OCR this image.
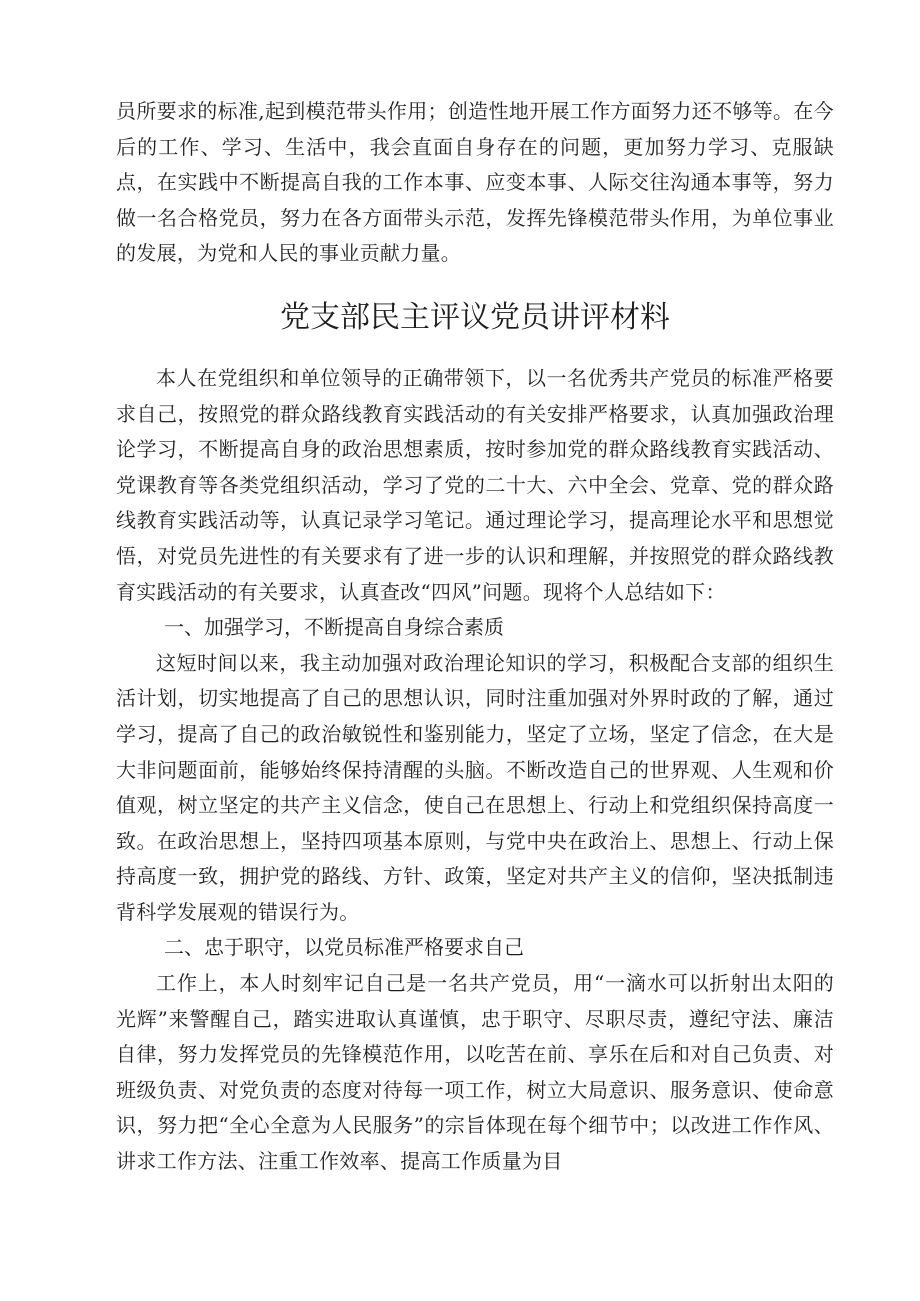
员所要求的标准,起到模范带头作用；创造性地开展工作方面努力还不够等。在今后的工作、学习、生活中，我会直面自身存在的问题，更加努力学习、克服缺点，在实践中不断提高自我的工作本事、应变本事、人际交往沟通本事等，努力做一名合格党员，努力在各方面带头示范，发挥先锋模范带头作用，为单位事业的发展，为党和人民的事业贡献力量。

党支部民主评议党员讲评材料

本人在党组织和单位领导的正确带领下，以一名优秀共产党员的标准严格要求自己，按照党的群众路线教育实践活动的有关安排严格要求，认真加强政治理论学习，不断提高自身的政治思想素质，按时参加党的群众路线教育实践活动、党课教育等各类党组织活动，学习了党的二十大、六中全会、党章、党的群众路线教育实践活动等，认真记录学习笔记。通过理论学习，提高理论水平和思想觉悟，对党员先进性的有关要求有了进一步的认识和理解，并按照党的群众路线教育实践活动的有关要求，认真查改“四风”问题。现将个人总结如下：

一、加强学习，不断提高自身综合素质

这短时间以来，我主动加强对政治理论知识的学习，积极配合支部的组织生活计划，切实地提高了自己的思想认识，同时注重加强对外界时政的了解，通过学习，提高了自己的政治敏锐性和鉴别能力，坚定了立场，坚定了信念，在大是大非问题面前，能够始终保持清醒的头脑。不断改造自己的世界观、人生观和价值观，树立坚定的共产主义信念，使自己在思想上、行动上和党组织保持高度一致。在政治思想上，坚持四项基本原则，与党中央在政治上、思想上、行动上保持高度一致，拥护党的路线、方针、政策，坚定对共产主义的信仰，坚决抵制违背科学发展观的错误行为。

二、忠于职守，以党员标准严格要求自己

工作上，本人时刻牢记自己是一名共产党员，用“一滴水可以折射出太阳的光辉”来警醒自己，踏实进取认真谨慎，忠于职守、尽职尽责，遵纪守法、廉洁自律，努力发挥党员的先锋模范作用，以吃苦在前、享乐在后和对自己负责、对班级负责、对党负责的态度对待每一项工作，树立大局意识、服务意识、使命意识，努力把“全心全意为人民服务”的宗旨体现在每个细节中；以改进工作作风、讲求工作方法、注重工作效率、提高工作质量为目
